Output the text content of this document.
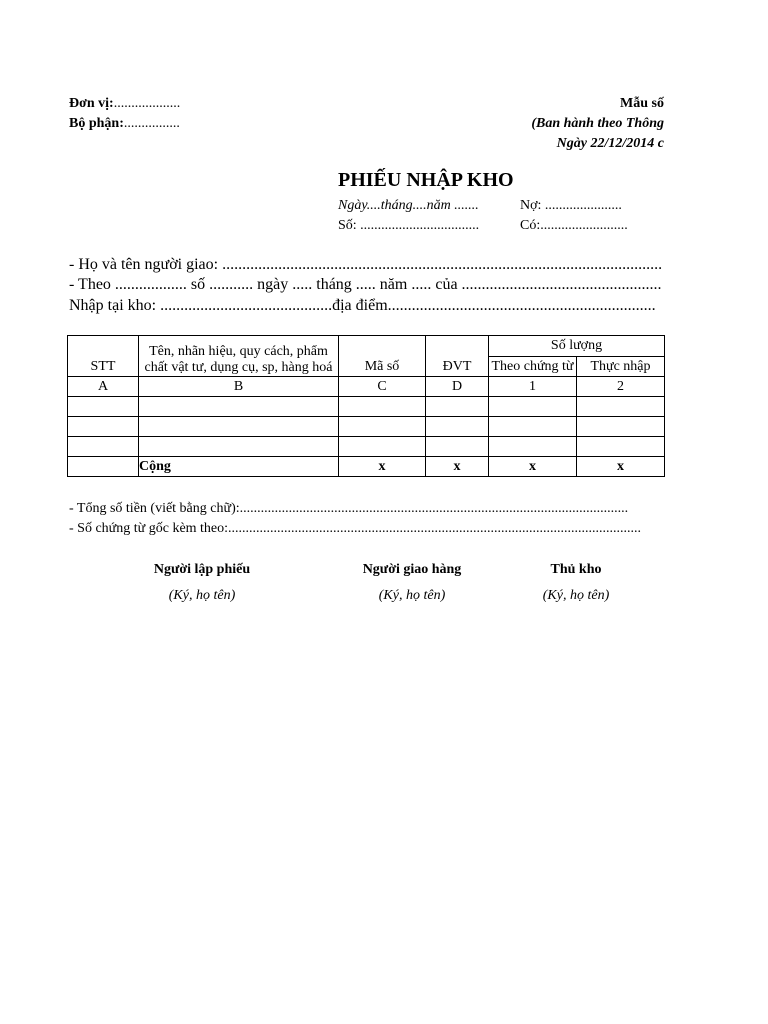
Đơn vị:...................
Bộ phận:................
Mẫu số
(Ban hành theo Thông
Ngày 22/12/2014 c
PHIẾU NHẬP KHO
Ngày....tháng....năm .......
Số: ..................................
Nợ: ......................
Có:.........................
- Họ và tên người giao: ..............................................................................................................
- Theo .................. số ........... ngày ..... tháng ..... năm ..... của ..................................................
Nhập tại kho: ...........................................địa điểm...................................................................
STT	Tên, nhãn hiệu, quy cách, phẩm chất vật tư, dụng cụ, sp, hàng hoá	Mã số	ĐVT	Số lượng	
				Theo chứng từ	Thực nhập
A	B	C	D	1	2

	Cộng	x	x	x	x
- Tổng số tiền (viết bằng chữ):...............................................................................................................
- Số chứng từ gốc kèm theo:......................................................................................................................
Người lập phiếu
(Ký, họ tên)
Người giao hàng
(Ký, họ tên)
Thủ kho
(Ký, họ tên)
